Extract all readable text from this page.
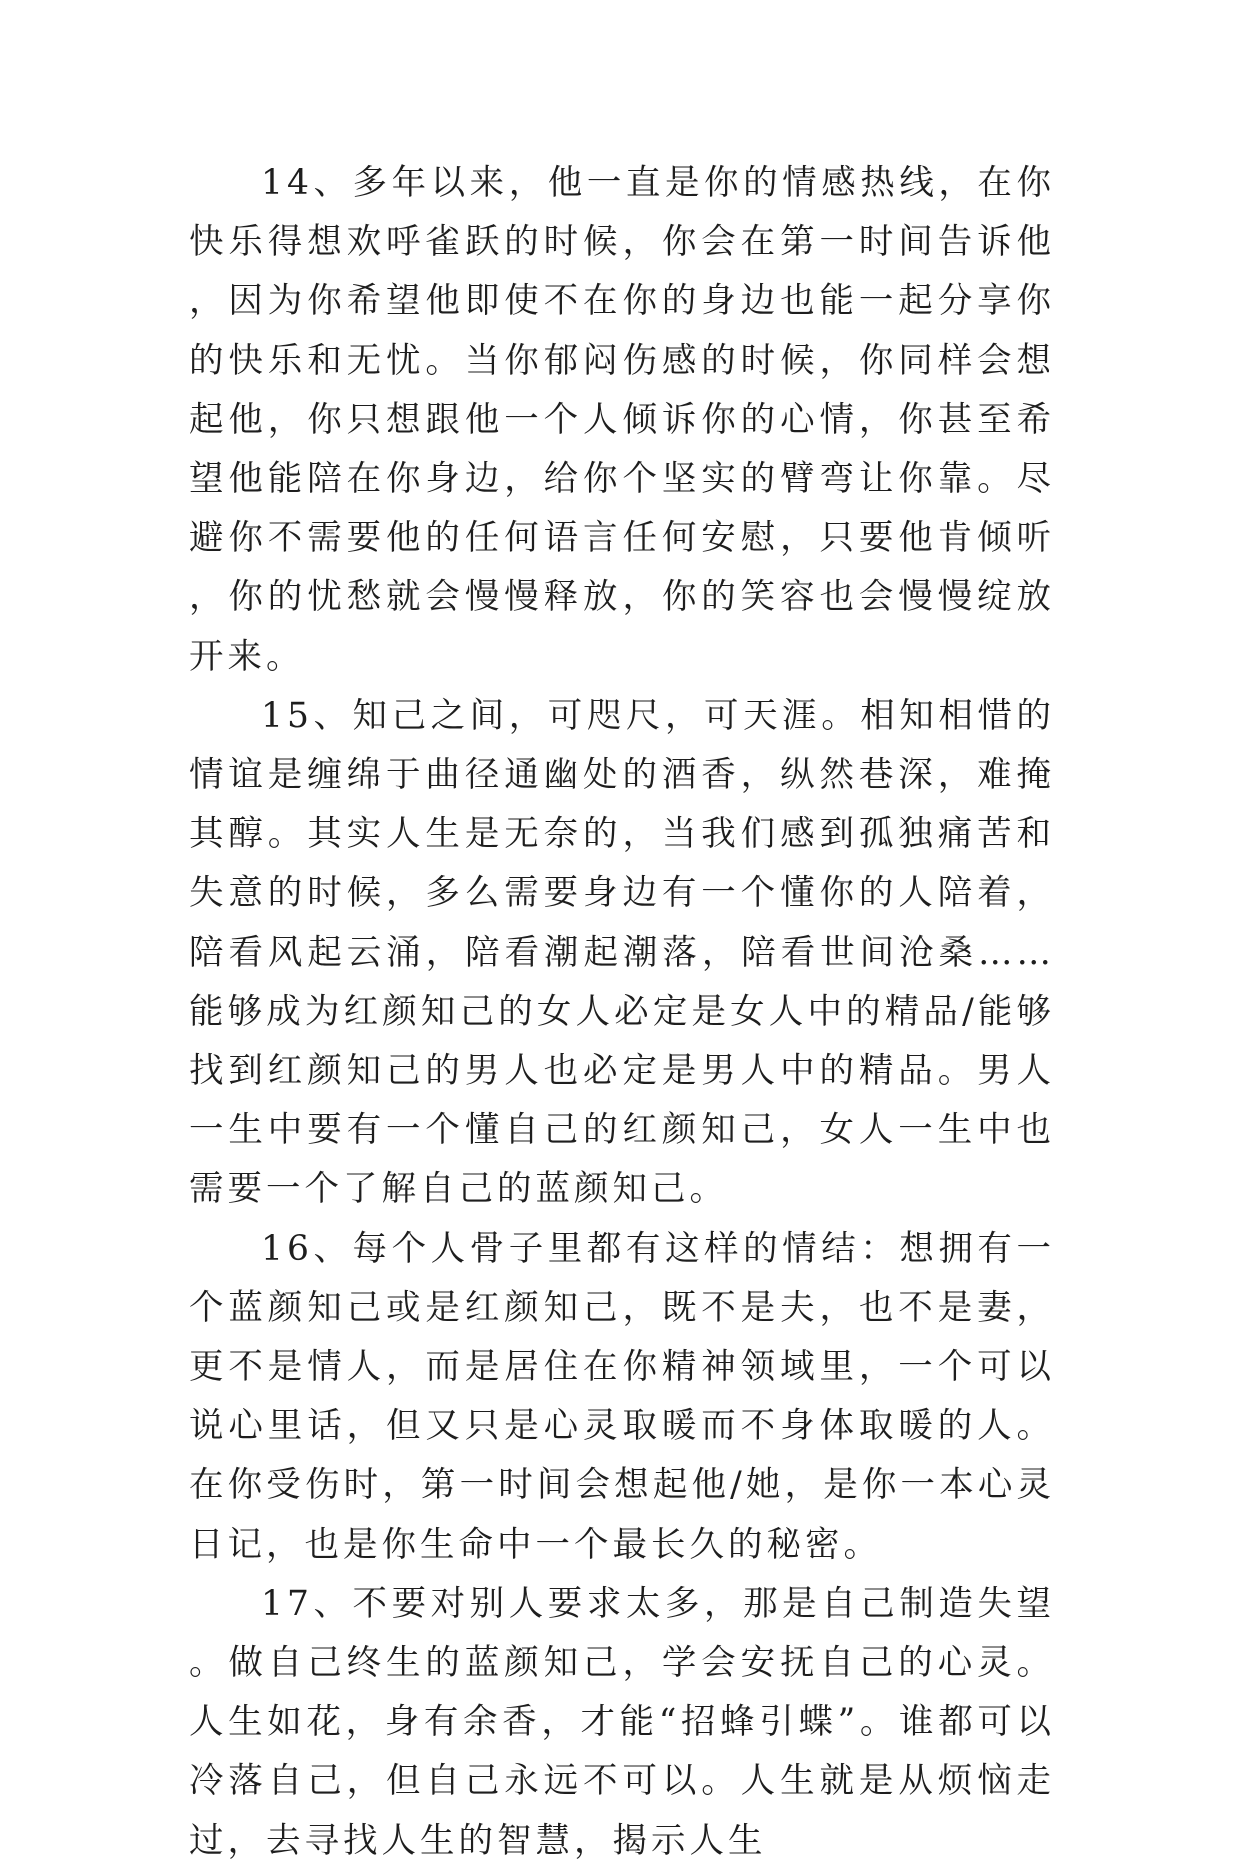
14、多年以来，他一直是你的情感热线，在你快乐得想欢呼雀跃的时候，你会在第一时间告诉他，因为你希望他即使不在你的身边也能一起分享你的快乐和无忧。当你郁闷伤感的时候，你同样会想起他，你只想跟他一个人倾诉你的心情，你甚至希望他能陪在你身边，给你个坚实的臂弯让你靠。尽避你不需要他的任何语言任何安慰，只要他肯倾听，你的忧愁就会慢慢释放，你的笑容也会慢慢绽放开来。

15、知己之间，可咫尺，可天涯。相知相惜的情谊是缠绵于曲径通幽处的酒香，纵然巷深，难掩其醇。其实人生是无奈的，当我们感到孤独痛苦和失意的时候，多么需要身边有一个懂你的人陪着，陪看风起云涌，陪看潮起潮落，陪看世间沧桑……能够成为红颜知己的女人必定是女人中的精品/能够找到红颜知己的男人也必定是男人中的精品。男人一生中要有一个懂自己的红颜知己，女人一生中也需要一个了解自己的蓝颜知己。

16、每个人骨子里都有这样的情结：想拥有一个蓝颜知己或是红颜知己，既不是夫，也不是妻，更不是情人，而是居住在你精神领域里，一个可以说心里话，但又只是心灵取暖而不身体取暖的人。在你受伤时，第一时间会想起他/她，是你一本心灵日记，也是你生命中一个最长久的秘密。

17、不要对别人要求太多，那是自己制造失望。做自己终生的蓝颜知己，学会安抚自己的心灵。人生如花，身有余香，才能“招蜂引蝶”。谁都可以冷落自己，但自己永远不可以。人生就是从烦恼走过，去寻找人生的智慧，揭示人生
